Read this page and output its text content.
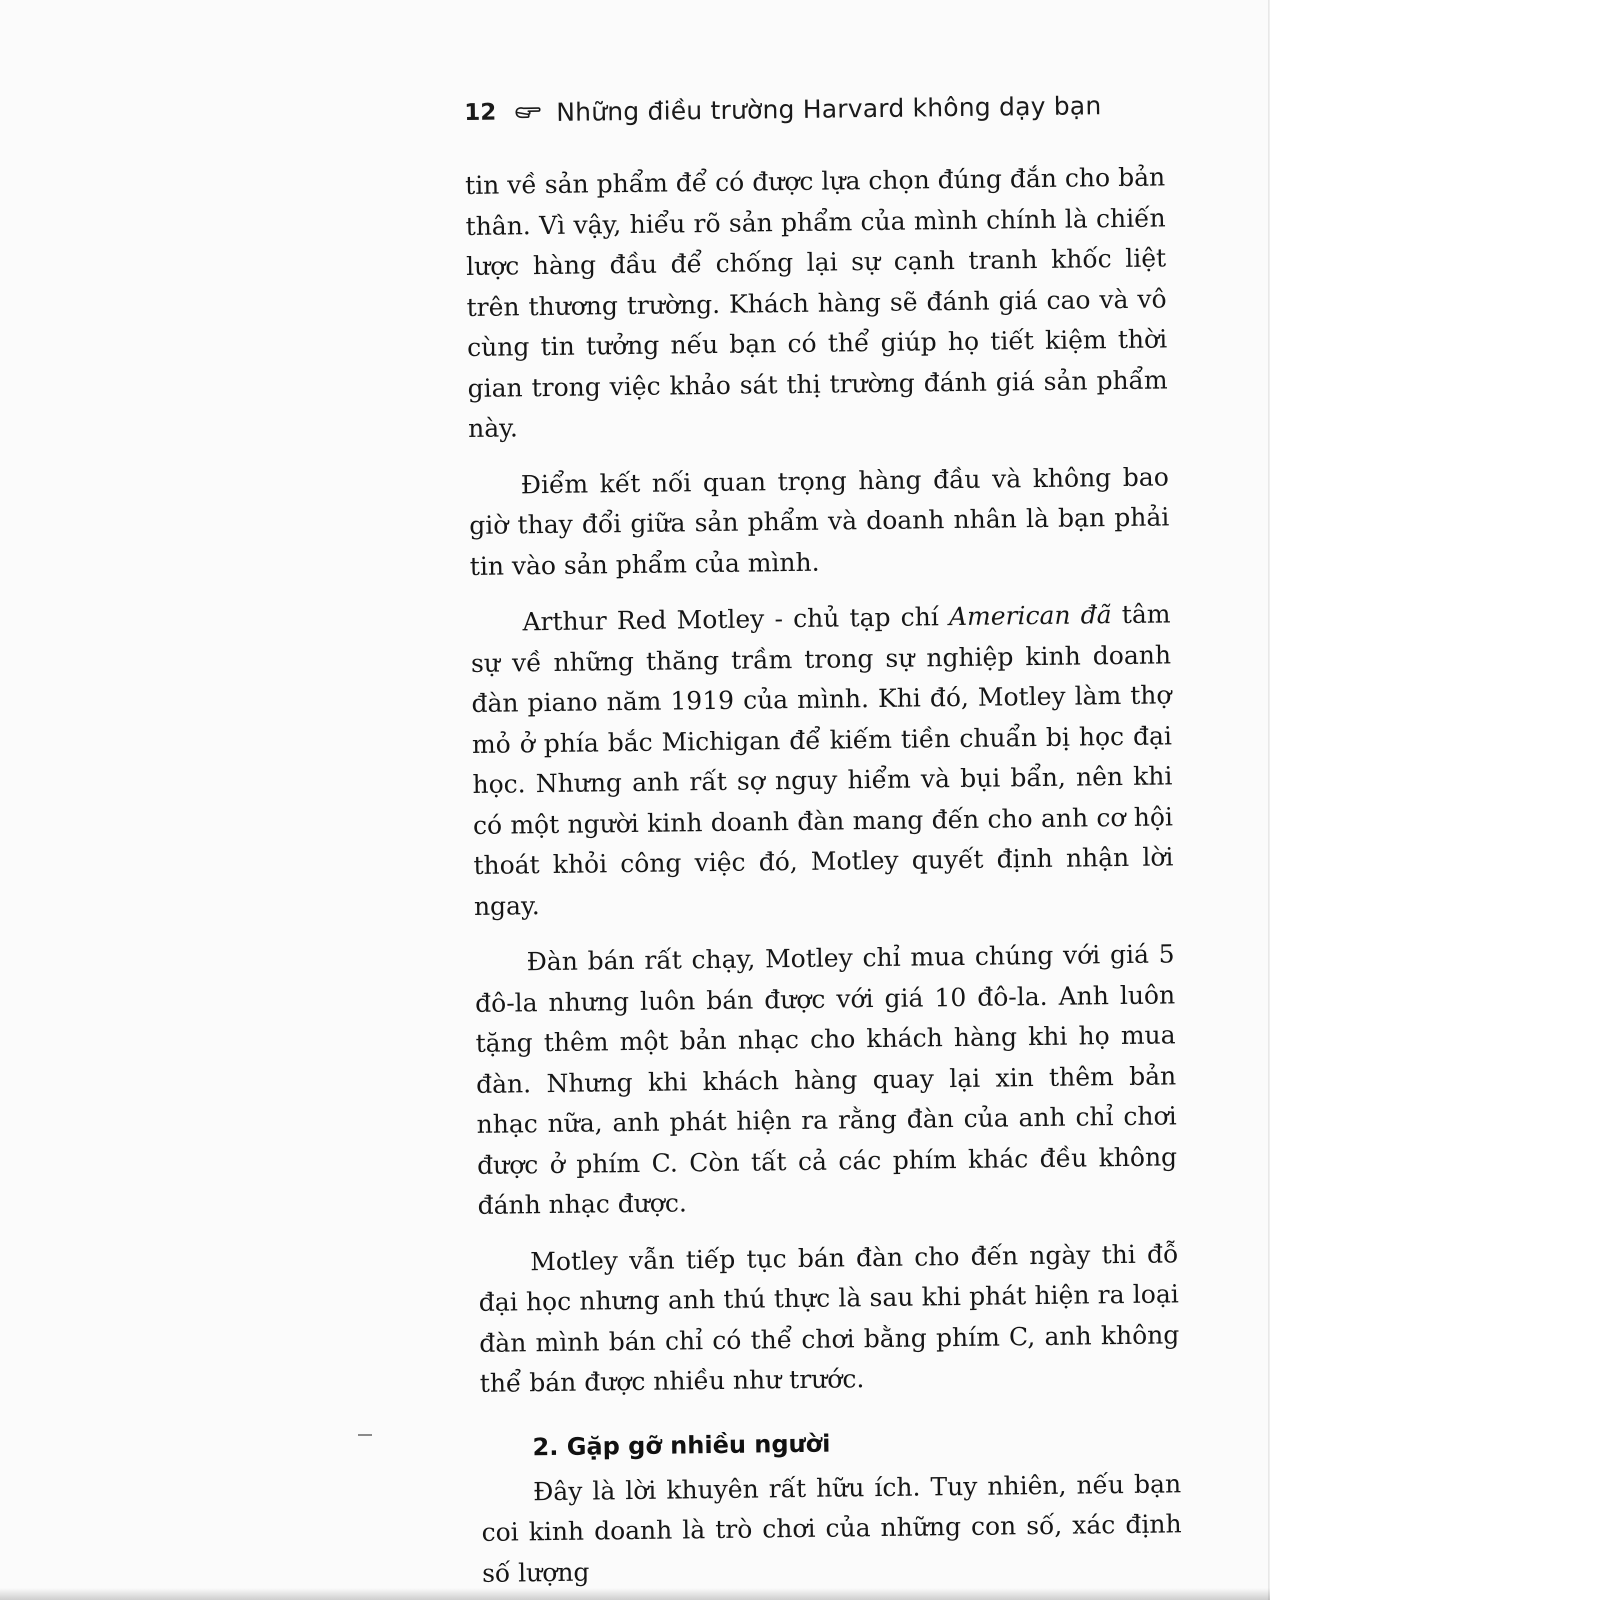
12 Những điều trường Harvard không dạy bạn

tin về sản phẩm để có được lựa chọn đúng đắn cho bản thân. Vì vậy, hiểu rõ sản phẩm của mình chính là chiến lược hàng đầu để chống lại sự cạnh tranh khốc liệt trên thương trường. Khách hàng sẽ đánh giá cao và vô cùng tin tưởng nếu bạn có thể giúp họ tiết kiệm thời gian trong việc khảo sát thị trường đánh giá sản phẩm này.

Điểm kết nối quan trọng hàng đầu và không bao giờ thay đổi giữa sản phẩm và doanh nhân là bạn phải tin vào sản phẩm của mình.

Arthur Red Motley - chủ tạp chí American đã tâm sự về những thăng trầm trong sự nghiệp kinh doanh đàn piano năm 1919 của mình. Khi đó, Motley làm thợ mỏ ở phía bắc Michigan để kiếm tiền chuẩn bị học đại học. Nhưng anh rất sợ nguy hiểm và bụi bẩn, nên khi có một người kinh doanh đàn mang đến cho anh cơ hội thoát khỏi công việc đó, Motley quyết định nhận lời ngay.

Đàn bán rất chạy, Motley chỉ mua chúng với giá 5 đô-la nhưng luôn bán được với giá 10 đô-la. Anh luôn tặng thêm một bản nhạc cho khách hàng khi họ mua đàn. Nhưng khi khách hàng quay lại xin thêm bản nhạc nữa, anh phát hiện ra rằng đàn của anh chỉ chơi được ở phím C. Còn tất cả các phím khác đều không đánh nhạc được.

Motley vẫn tiếp tục bán đàn cho đến ngày thi đỗ đại học nhưng anh thú thực là sau khi phát hiện ra loại đàn mình bán chỉ có thể chơi bằng phím C, anh không thể bán được nhiều như trước.

2. Gặp gỡ nhiều người

Đây là lời khuyên rất hữu ích. Tuy nhiên, nếu bạn coi kinh doanh là trò chơi của những con số, xác định số lượng
